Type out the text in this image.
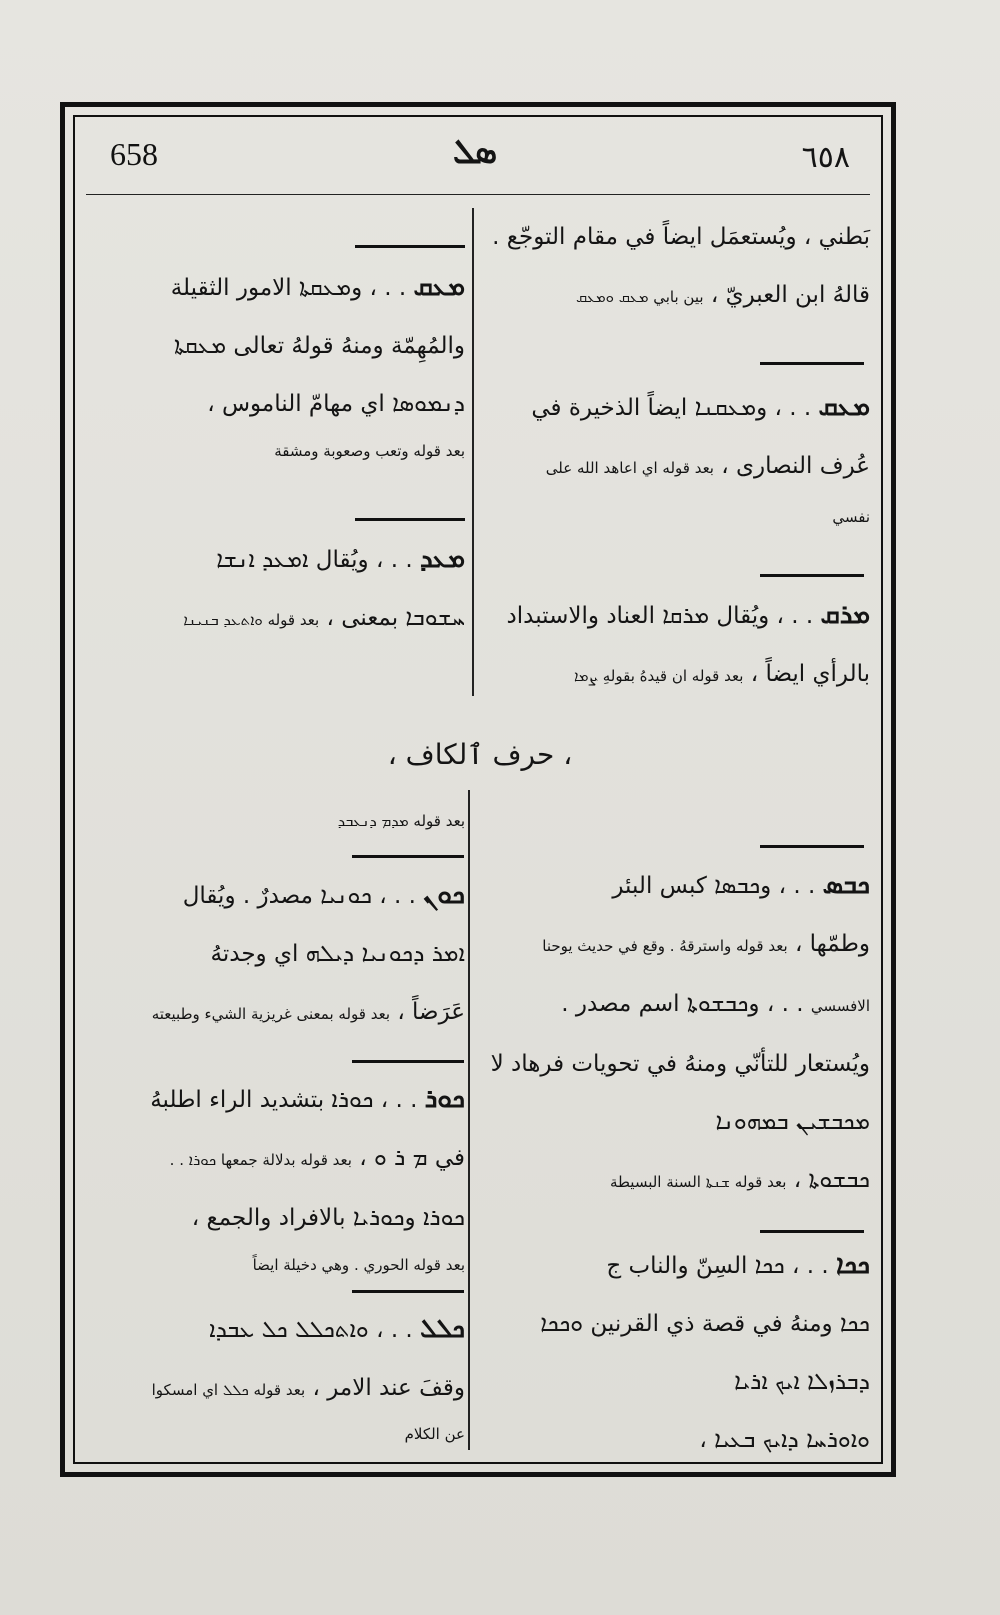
658	ܣܠ	٦٥٨
بَطني ، ويُستعمَل ايضاً في مقام التوجّع .
قالهُ ابن العبريّ ، بين بابي ܡܥܩ ܘܡܥܩ
ܡܥܩ . . ، وܡܥܩܢܐ ايضاً الذخيرة في
عُرف النصارى ، بعد قوله اي اعاهد الله على
نفسي
ܡܪܩ . . ، ويُقال ܡܪܩܐ العناد والاستبداد
بالرأي ايضاً ، بعد قوله ان قيدهُ بقولهِ ܨܡܐ
ܡܥܩ . . ، وܡܥܩܬܐ الامور الثقيلة
والمُهِمّة ومنهُ قولهُ تعالى ܡܥܩܬܐ
ܕܢܡܘܣܐ اي مهامّ الناموس ،
بعد قوله وتعب وصعوبة ومشقة
ܡܥܕ . . ، ويُقال ܐܡܥܕ ܐܢܫܐ
ܚܫܘܒܐ بمعنى ، بعد قوله ܘܐܬܥܕ ܒܢܝܢܐ
، حرف ٱلكاف ،
ܟܒܣ . . ، وܟܒܣܐ كبس البئر
وطمّها ، بعد قوله واسترقهُ . وقع في حديث يوحنا
الافسسي . . ، وܟܒܫܘܬܐ اسم مصدر .
ويُستعار للتأنّي ومنهُ في تحويات فرهاد لا
ܡܟܒܫܝܢ ܒܡܗܘܢܐ
ܟܒܫܘܬܐ ، بعد قوله ܫܢܬܐ السنة البسيطة
ܟܟܐ . . ، ܟܟܐ السِنّ والناب ج
ܟܟܐ ومنهُ في قصة ذي القرنين ܘܟܟܐ
ܕܒܪܙܠܐ ܐܝܟ ܐܪܝܐ
ܘܐܘܪܚܐ ܕܐܝܟ ܒܥܝܐ ،
بعد قوله ܡܕܡ ܕܢܥܒܕ
ܟܘܢ . . ، ܟܘܢܝܐ مصدرٌ . ويُقال
ܐܡܪ ܕܟܘܢܝܐ ܕܝܠܗ اي وجدتهُ
عَرَضاً ، بعد قوله بمعنى غريزية الشيء وطبيعته
ܟܘܪ . . ، ܟܘܪܐ بتشديد الراء اطلبهُ
في ܡ ܪ ܘ ، بعد قوله بدلالة جمعها ܟܘܪܐ . .
ܟܘܪܐ وܟܘܪܝܐ بالافراد والجمع ،
بعد قوله الحوري . وهي دخيلة ايضاً
ܟܠܠ . . ، ܘܐܬܟܠܠ ܟܠ ܥܒܕܐ
وقفَ عند الامر ، بعد قوله ܟܠܠ اي امسكوا
عن الكلام
